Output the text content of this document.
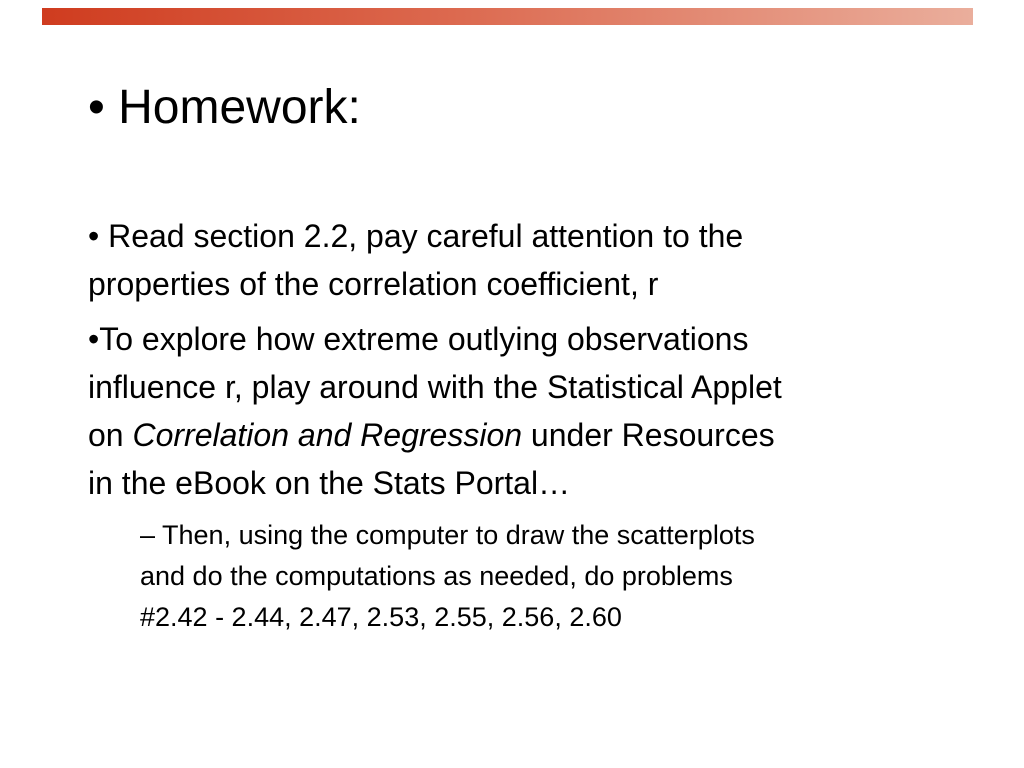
• Homework:
• Read section 2.2, pay careful attention to the
properties of the correlation coefficient, r
•To explore how extreme outlying observations
influence r, play around with the Statistical Applet
on Correlation and Regression under Resources
in the eBook on the Stats Portal…
– Then, using the computer to draw the scatterplots
and do the computations as needed, do problems
#2.42 - 2.44, 2.47, 2.53, 2.55, 2.56, 2.60
